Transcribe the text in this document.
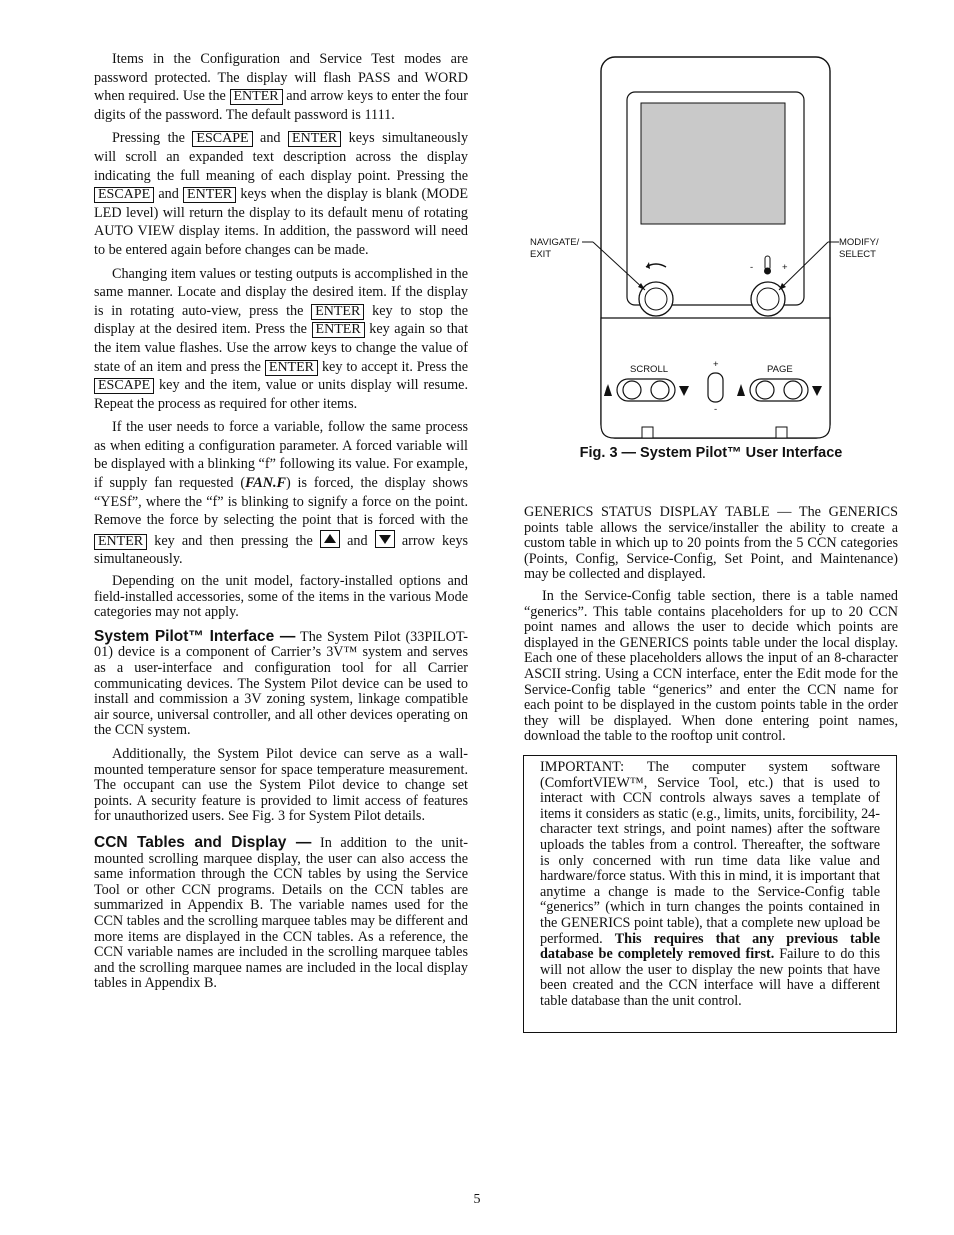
Items in the Configuration and Service Test modes are password protected. The display will flash PASS and WORD when required. Use the ENTER and arrow keys to enter the four digits of the password. The default password is 1111.

Pressing the ESCAPE and ENTER keys simultaneously will scroll an expanded text description across the display indicating the full meaning of each display point. Pressing the ESCAPE and ENTER keys when the display is blank (MODE LED level) will return the display to its default menu of rotating AUTO VIEW display items. In addition, the password will need to be entered again before changes can be made.

Changing item values or testing outputs is accomplished in the same manner. Locate and display the desired item. If the display is in rotating auto-view, press the ENTER key to stop the display at the desired item. Press the ENTER key again so that the item value flashes. Use the arrow keys to change the value of state of an item and press the ENTER key to accept it. Press the ESCAPE key and the item, value or units display will resume. Repeat the process as required for other items.

If the user needs to force a variable, follow the same process as when editing a configuration parameter. A forced variable will be displayed with a blinking “f” following its value. For example, if supply fan requested (FAN.F) is forced, the display shows “YESf”, where the “f” is blinking to signify a force on the point. Remove the force by selecting the point that is forced with the ENTER key and then pressing the and arrow keys simultaneously.

Depending on the unit model, factory-installed options and field-installed accessories, some of the items in the various Mode categories may not apply.

System Pilot™ Interface — The System Pilot (33PILOT-01) device is a component of Carrier’s 3V™ system and serves as a user-interface and configuration tool for all Carrier communicating devices. The System Pilot device can be used to install and commission a 3V zoning system, linkage compatible air source, universal controller, and all other devices operating on the CCN system.

Additionally, the System Pilot device can serve as a wall-mounted temperature sensor for space temperature measurement. The occupant can use the System Pilot device to change set points. A security feature is provided to limit access of features for unauthorized users. See Fig. 3 for System Pilot details.

CCN Tables and Display — In addition to the unit-mounted scrolling marquee display, the user can also access the same information through the CCN tables by using the Service Tool or other CCN programs. Details on the CCN tables are summarized in Appendix B. The variable names used for the CCN tables and the scrolling marquee tables may be different and more items are displayed in the CCN tables. As a reference, the CCN variable names are included in the scrolling marquee tables and the scrolling marquee names are included in the local display tables in Appendix B.

-	+
NAVIGATE/
EXIT
MODIFY/
SELECT
SCROLL	+
-
PAGE
Fig. 3 — System Pilot™ User Interface

GENERICS STATUS DISPLAY TABLE — The GENERICS points table allows the service/installer the ability to create a custom table in which up to 20 points from the 5 CCN categories (Points, Config, Service-Config, Set Point, and Maintenance) may be collected and displayed.

In the Service-Config table section, there is a table named “generics”. This table contains placeholders for up to 20 CCN point names and allows the user to decide which points are displayed in the GENERICS points table under the local display. Each one of these placeholders allows the input of an 8-character ASCII string. Using a CCN interface, enter the Edit mode for the Service-Config table “generics” and enter the CCN name for each point to be displayed in the custom points table in the order they will be displayed. When done entering point names, download the table to the rooftop unit control.

IMPORTANT: The computer system software (ComfortVIEW™, Service Tool, etc.) that is used to interact with CCN controls always saves a template of items it considers as static (e.g., limits, units, forcibility, 24-character text strings, and point names) after the software uploads the tables from a control. Thereafter, the software is only concerned with run time data like value and hardware/force status. With this in mind, it is important that anytime a change is made to the Service-Config table “generics” (which in turn changes the points contained in the GENERICS point table), that a complete new upload be performed. This requires that any previous table database be completely removed first. Failure to do this will not allow the user to display the new points that have been created and the CCN interface will have a different table database than the unit control.

5
